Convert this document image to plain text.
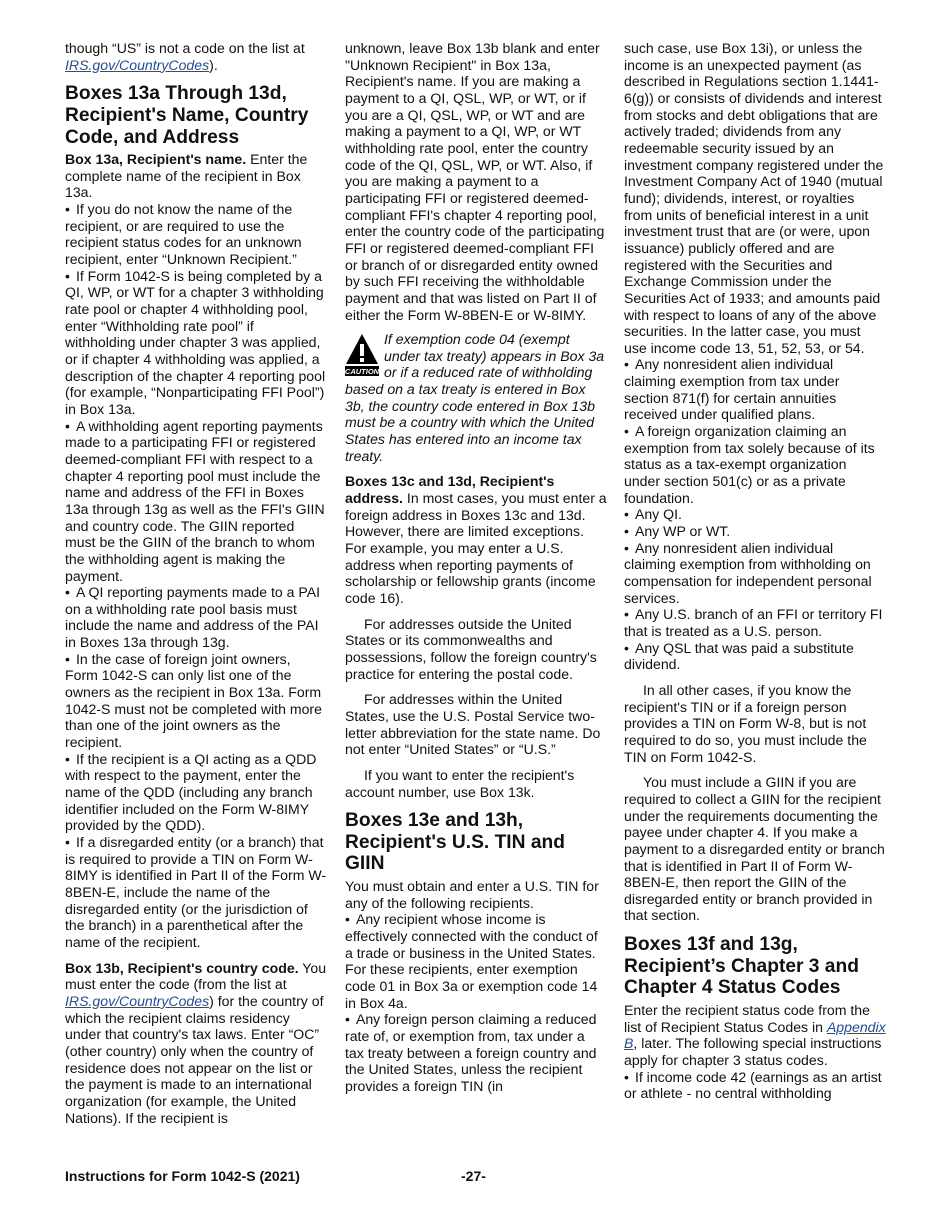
though “US” is not a code on the list at IRS.gov/CountryCodes).

Boxes 13a Through 13d, Recipient's Name, Country Code, and Address

Box 13a, Recipient's name. Enter the complete name of the recipient in Box 13a.

• If you do not know the name of the recipient, or are required to use the recipient status codes for an unknown recipient, enter “Unknown Recipient.”

• If Form 1042-S is being completed by a QI, WP, or WT for a chapter 3 withholding rate pool or chapter 4 withholding pool, enter “Withholding rate pool” if withholding under chapter 3 was applied, or if chapter 4 withholding was applied, a description of the chapter 4 reporting pool (for example, “Nonparticipating FFI Pool”) in Box 13a.

• A withholding agent reporting payments made to a participating FFI or registered deemed-compliant FFI with respect to a chapter 4 reporting pool must include the name and address of the FFI in Boxes 13a through 13g as well as the FFI's GIIN and country code. The GIIN reported must be the GIIN of the branch to whom the withholding agent is making the payment.

• A QI reporting payments made to a PAI on a withholding rate pool basis must include the name and address of the PAI in Boxes 13a through 13g.

• In the case of foreign joint owners, Form 1042-S can only list one of the owners as the recipient in Box 13a. Form 1042-S must not be completed with more than one of the joint owners as the recipient.

• If the recipient is a QI acting as a QDD with respect to the payment, enter the name of the QDD (including any branch identifier included on the Form W-8IMY provided by the QDD).

• If a disregarded entity (or a branch) that is required to provide a TIN on Form W-8IMY is identified in Part II of the Form W-8BEN-E, include the name of the disregarded entity (or the jurisdiction of the branch) in a parenthetical after the name of the recipient.

Box 13b, Recipient's country code. You must enter the code (from the list at IRS.gov/CountryCodes) for the country of which the recipient claims residency under that country's tax laws. Enter “OC” (other country) only when the country of residence does not appear on the list or the payment is made to an international organization (for example, the United Nations). If the recipient is

unknown, leave Box 13b blank and enter "Unknown Recipient" in Box 13a, Recipient's name. If you are making a payment to a QI, QSL, WP, or WT, or if you are a QI, QSL, WP, or WT and are making a payment to a QI, WP, or WT withholding rate pool, enter the country code of the QI, QSL, WP, or WT. Also, if you are making a payment to a participating FFI or registered deemed-compliant FFI's chapter 4 reporting pool, enter the country code of the participating FFI or registered deemed-compliant FFI or branch of or disregarded entity owned by such FFI receiving the withholdable payment and that was listed on Part II of either the Form W-8BEN-E or W-8IMY.

CAUTION
If exemption code 04 (exempt under tax treaty) appears in Box 3a or if a reduced rate of withholding based on a tax treaty is entered in Box 3b, the country code entered in Box 13b must be a country with which the United States has entered into an income tax treaty.

Boxes 13c and 13d, Recipient's address. In most cases, you must enter a foreign address in Boxes 13c and 13d. However, there are limited exceptions. For example, you may enter a U.S. address when reporting payments of scholarship or fellowship grants (income code 16).

For addresses outside the United States or its commonwealths and possessions, follow the foreign country's practice for entering the postal code.

For addresses within the United States, use the U.S. Postal Service two-letter abbreviation for the state name. Do not enter “United States” or “U.S.”

If you want to enter the recipient's account number, use Box 13k.

Boxes 13e and 13h, Recipient's U.S. TIN and GIIN

You must obtain and enter a U.S. TIN for any of the following recipients.

• Any recipient whose income is effectively connected with the conduct of a trade or business in the United States. For these recipients, enter exemption code 01 in Box 3a or exemption code 14 in Box 4a.

• Any foreign person claiming a reduced rate of, or exemption from, tax under a tax treaty between a foreign country and the United States, unless the recipient provides a foreign TIN (in

such case, use Box 13i), or unless the income is an unexpected payment (as described in Regulations section 1.1441-6(g)) or consists of dividends and interest from stocks and debt obligations that are actively traded; dividends from any redeemable security issued by an investment company registered under the Investment Company Act of 1940 (mutual fund); dividends, interest, or royalties from units of beneficial interest in a unit investment trust that are (or were, upon issuance) publicly offered and are registered with the Securities and Exchange Commission under the Securities Act of 1933; and amounts paid with respect to loans of any of the above securities. In the latter case, you must use income code 13, 51, 52, 53, or 54.

• Any nonresident alien individual claiming exemption from tax under section 871(f) for certain annuities received under qualified plans.

• A foreign organization claiming an exemption from tax solely because of its status as a tax-exempt organization under section 501(c) or as a private foundation.

• Any QI.

• Any WP or WT.

• Any nonresident alien individual claiming exemption from withholding on compensation for independent personal services.

• Any U.S. branch of an FFI or territory FI that is treated as a U.S. person.

• Any QSL that was paid a substitute dividend.

In all other cases, if you know the recipient's TIN or if a foreign person provides a TIN on Form W-8, but is not required to do so, you must include the TIN on Form 1042-S.

You must include a GIIN if you are required to collect a GIIN for the recipient under the requirements documenting the payee under chapter 4. If you make a payment to a disregarded entity or branch that is identified in Part II of Form W-8BEN-E, then report the GIIN of the disregarded entity or branch provided in that section.

Boxes 13f and 13g, Recipient’s Chapter 3 and Chapter 4 Status Codes

Enter the recipient status code from the list of Recipient Status Codes in Appendix B, later. The following special instructions apply for chapter 3 status codes.

• If income code 42 (earnings as an artist or athlete - no central withholding

Instructions for Form 1042-S (2021)	-27-
